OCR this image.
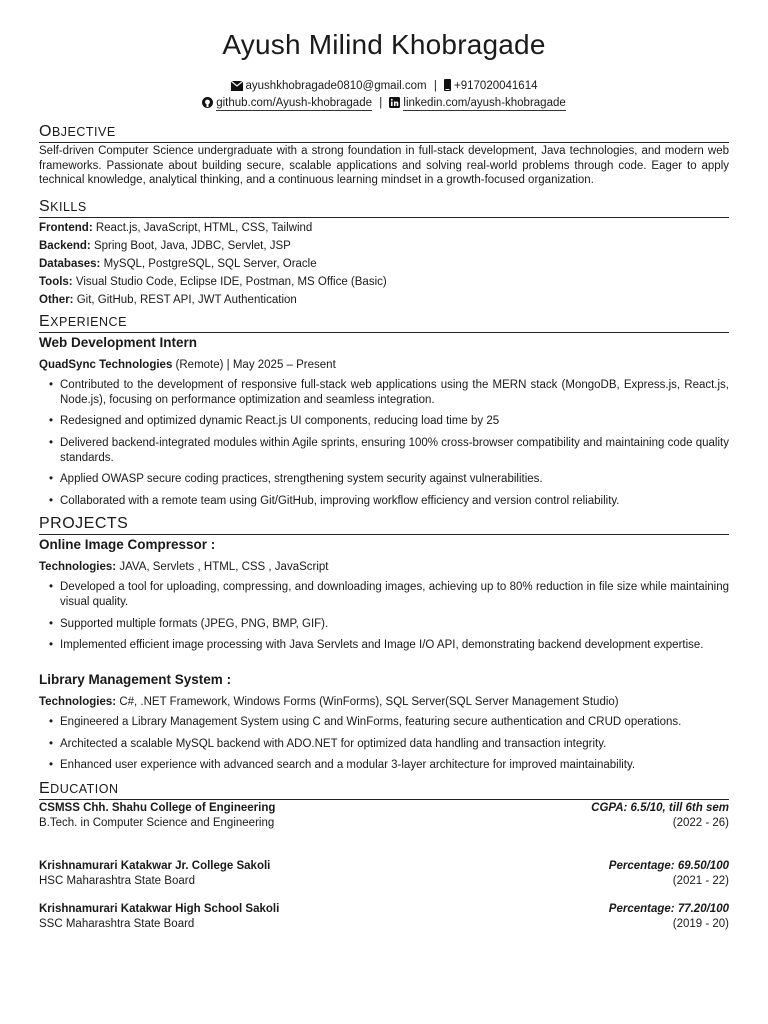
Ayush Milind Khobragade
ayushkhobragade0810@gmail.com | +917020041614
github.com/Ayush-khobragade | linkedin.com/ayush-khobragade
OBJECTIVE

Self-driven Computer Science undergraduate with a strong foundation in full-stack development, Java technologies, and modern web frameworks. Passionate about building secure, scalable applications and solving real-world problems through code. Eager to apply technical knowledge, analytical thinking, and a continuous learning mindset in a growth-focused organization.

SKILLS
Frontend: React.js, JavaScript, HTML, CSS, Tailwind
Backend: Spring Boot, Java, JDBC, Servlet, JSP
Databases: MySQL, PostgreSQL, SQL Server, Oracle
Tools: Visual Studio Code, Eclipse IDE, Postman, MS Office (Basic)
Other: Git, GitHub, REST API, JWT Authentication
EXPERIENCE
Web Development Intern
QuadSync Technologies (Remote) | May 2025 – Present
• Contributed to the development of responsive full-stack web applications using the MERN stack (MongoDB, Express.js, React.js, Node.js), focusing on performance optimization and seamless integration.
• Redesigned and optimized dynamic React.js UI components, reducing load time by 25
• Delivered backend-integrated modules within Agile sprints, ensuring 100% cross-browser compatibility and maintaining code quality standards.
• Applied OWASP secure coding practices, strengthening system security against vulnerabilities.
• Collaborated with a remote team using Git/GitHub, improving workflow efficiency and version control reliability.
PROJECTS
Online Image Compressor :
Technologies: JAVA, Servlets , HTML, CSS , JavaScript
• Developed a tool for uploading, compressing, and downloading images, achieving up to 80% reduction in file size while maintaining visual quality.
• Supported multiple formats (JPEG, PNG, BMP, GIF).
• Implemented efficient image processing with Java Servlets and Image I/O API, demonstrating backend development expertise.
Library Management System :
Technologies: C#, .NET Framework, Windows Forms (WinForms), SQL Server(SQL Server Management Studio)
• Engineered a Library Management System using C and WinForms, featuring secure authentication and CRUD operations.
• Architected a scalable MySQL backend with ADO.NET for optimized data handling and transaction integrity.
• Enhanced user experience with advanced search and a modular 3-layer architecture for improved maintainability.
EDUCATION
CSMSS Chh. Shahu College of Engineering	CGPA: 6.5/10, till 6th sem
B.Tech. in Computer Science and Engineering	(2022 - 26)
Krishnamurari Katakwar Jr. College Sakoli	Percentage: 69.50/100
HSC Maharashtra State Board	(2021 - 22)
Krishnamurari Katakwar High School Sakoli	Percentage: 77.20/100
SSC Maharashtra State Board	(2019 - 20)
